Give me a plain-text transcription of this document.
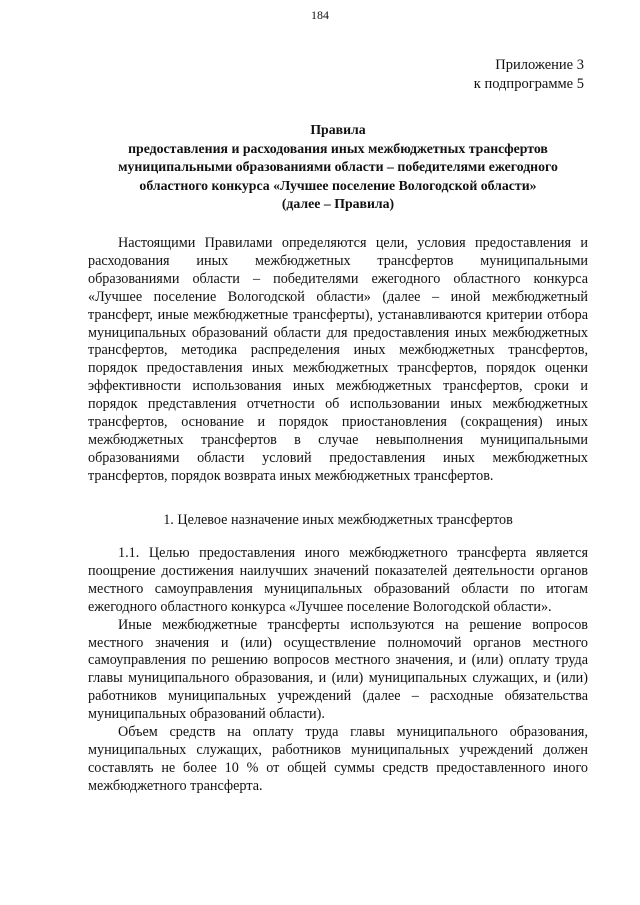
184
Приложение 3
к подпрограмме 5
Правила
предоставления и расходования иных межбюджетных трансфертов
муниципальными образованиями области – победителями ежегодного
областного конкурса «Лучшее поселение Вологодской области»
(далее – Правила)

Настоящими Правилами определяются цели, условия предоставления и расходования иных межбюджетных трансфертов муниципальными образованиями области – победителями ежегодного областного конкурса «Лучшее поселение Вологодской области» (далее – иной межбюджетный трансферт, иные межбюджетные трансферты), устанавливаются критерии отбора муниципальных образований области для предоставления иных межбюджетных трансфертов, методика распределения иных межбюджетных трансфертов, порядок предоставления иных межбюджетных трансфертов, порядок оценки эффективности использования иных межбюджетных трансфертов, сроки и порядок представления отчетности об использовании иных межбюджетных трансфертов, основание и порядок приостановления (сокращения) иных межбюджетных трансфертов в случае невыполнения муниципальными образованиями области условий предоставления иных межбюджетных трансфертов, порядок возврата иных межбюджетных трансфертов.

1. Целевое назначение иных межбюджетных трансфертов

1.1. Целью предоставления иного межбюджетного трансферта является поощрение достижения наилучших значений показателей деятельности органов местного самоуправления муниципальных образований области по итогам ежегодного областного конкурса «Лучшее поселение Вологодской области».

Иные межбюджетные трансферты используются на решение вопросов местного значения и (или) осуществление полномочий органов местного самоуправления по решению вопросов местного значения, и (или) оплату труда главы муниципального образования, и (или) муниципальных служащих, и (или) работников муниципальных учреждений (далее – расходные обязательства муниципальных образований области).

Объем средств на оплату труда главы муниципального образования, муниципальных служащих, работников муниципальных учреждений должен составлять не более 10 % от общей суммы средств предоставленного иного межбюджетного трансферта.
